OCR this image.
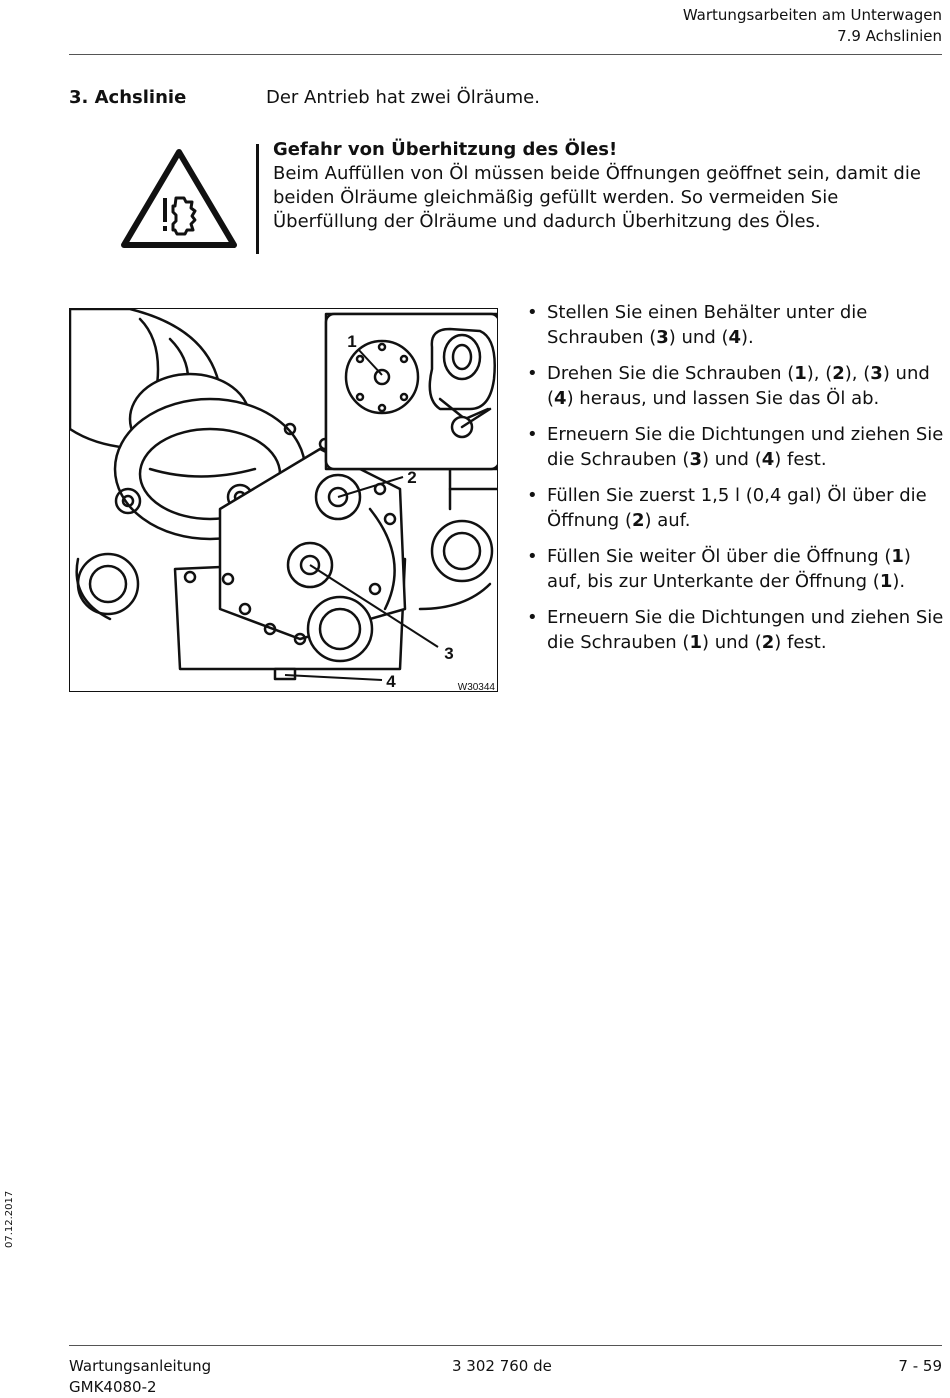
Wartungsarbeiten am Unterwagen
7.9 Achslinien
3. Achslinie	Der Antrieb hat zwei Ölräume.
Gefahr von Überhitzung des Öles!
Beim Auffüllen von Öl müssen beide Öffnungen geöffnet sein, damit die beiden Ölräume gleichmäßig gefüllt werden. So vermeiden Sie Überfüllung der Ölräume und dadurch Überhitzung des Öles.
1
2
3
4	W30344
• Stellen Sie einen Behälter unter die Schrauben (3) und (4).
• Drehen Sie die Schrauben (1), (2), (3) und (4) heraus, und lassen Sie das Öl ab.
• Erneuern Sie die Dichtungen und ziehen Sie die Schrauben (3) und (4) fest.
• Füllen Sie zuerst 1,5 l (0,4 gal) Öl über die Öffnung (2) auf.
• Füllen Sie weiter Öl über die Öffnung (1) auf, bis zur Unterkante der Öffnung (1).
• Erneuern Sie die Dichtungen und ziehen Sie die Schrauben (1) und (2) fest.
07.12.2017
Wartungsanleitung
GMK4080-2
3 302 760 de	7 - 59
